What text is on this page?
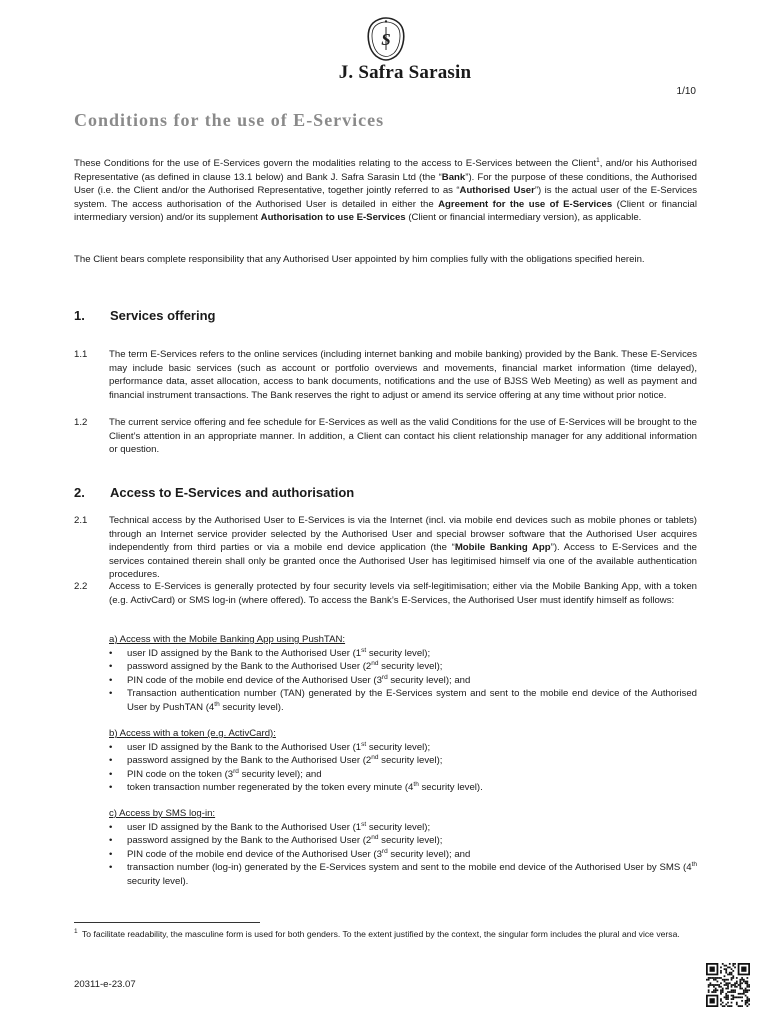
S
J. Safra Sarasin
1/10
Conditions for the use of E-Services

These Conditions for the use of E-Services govern the modalities relating to the access to E-Services between the Client$^1$, and/or his Authorised Representative (as defined in clause 13.1 below) and Bank J. Safra Sarasin Ltd (the “Bank”). For the purpose of these conditions, the Authorised User (i.e. the Client and/or the Authorised Representative, together jointly referred to as “Authorised User”) is the actual user of the E-Services system. The access authorisation of the Authorised User is detailed in either the Agreement for the use of E-Services (Client or financial intermediary version) and/or its supplement Authorisation to use E-Services (Client or financial intermediary version), as applicable.

The Client bears complete responsibility that any Authorised User appointed by him complies fully with the obligations specified herein.

1. Services offering
1.1 The term E-Services refers to the online services (including internet banking and mobile banking) provided by the Bank. These E-Services may include basic services (such as account or portfolio overviews and movements, financial market information (time delayed), performance data, asset allocation, access to bank documents, notifications and the use of BJSS Web Meeting) as well as payment and financial instrument transactions. The Bank reserves the right to adjust or amend its service offering at any time without prior notice.
1.2 The current service offering and fee schedule for E-Services as well as the valid Conditions for the use of E-Services will be brought to the Client’s attention in an appropriate manner. In addition, a Client can contact his client relationship manager for any additional information or question.
2. Access to E-Services and authorisation
2.1 Technical access by the Authorised User to E-Services is via the Internet (incl. via mobile end devices such as mobile phones or tablets) through an Internet service provider selected by the Authorised User and special browser software that the Authorised User acquires independently from third parties or via a mobile end device application (the “Mobile Banking App”). Access to E-Services and the services contained therein shall only be granted once the Authorised User has legitimised himself via one of the available authentication procedures.
2.2 Access to E-Services is generally protected by four security levels via self-legitimisation; either via the Mobile Banking App, with a token (e.g. ActivCard) or SMS log-in (where offered). To access the Bank’s E-Services, the Authorised User must identify himself as follows:
a) Access with the Mobile Banking App using PushTAN:
• user ID assigned by the Bank to the Authorised User (1st security level);
• password assigned by the Bank to the Authorised User (2nd security level);
• PIN code of the mobile end device of the Authorised User (3rd security level); and
• Transaction authentication number (TAN) generated by the E-Services system and sent to the mobile end device of the Authorised User by PushTAN (4th security level).
b) Access with a token (e.g. ActivCard):
• user ID assigned by the Bank to the Authorised User (1st security level);
• password assigned by the Bank to the Authorised User (2nd security level);
• PIN code on the token (3rd security level); and
• token transaction number regenerated by the token every minute (4th security level).
c) Access by SMS log-in:
• user ID assigned by the Bank to the Authorised User (1st security level);
• password assigned by the Bank to the Authorised User (2nd security level);
• PIN code of the mobile end device of the Authorised User (3rd security level); and
• transaction number (log-in) generated by the E-Services system and sent to the mobile end device of the Authorised User by SMS (4th security level).
1 To facilitate readability, the masculine form is used for both genders. To the extent justified by the context, the singular form includes the plural and vice versa.
20311-e-23.07
